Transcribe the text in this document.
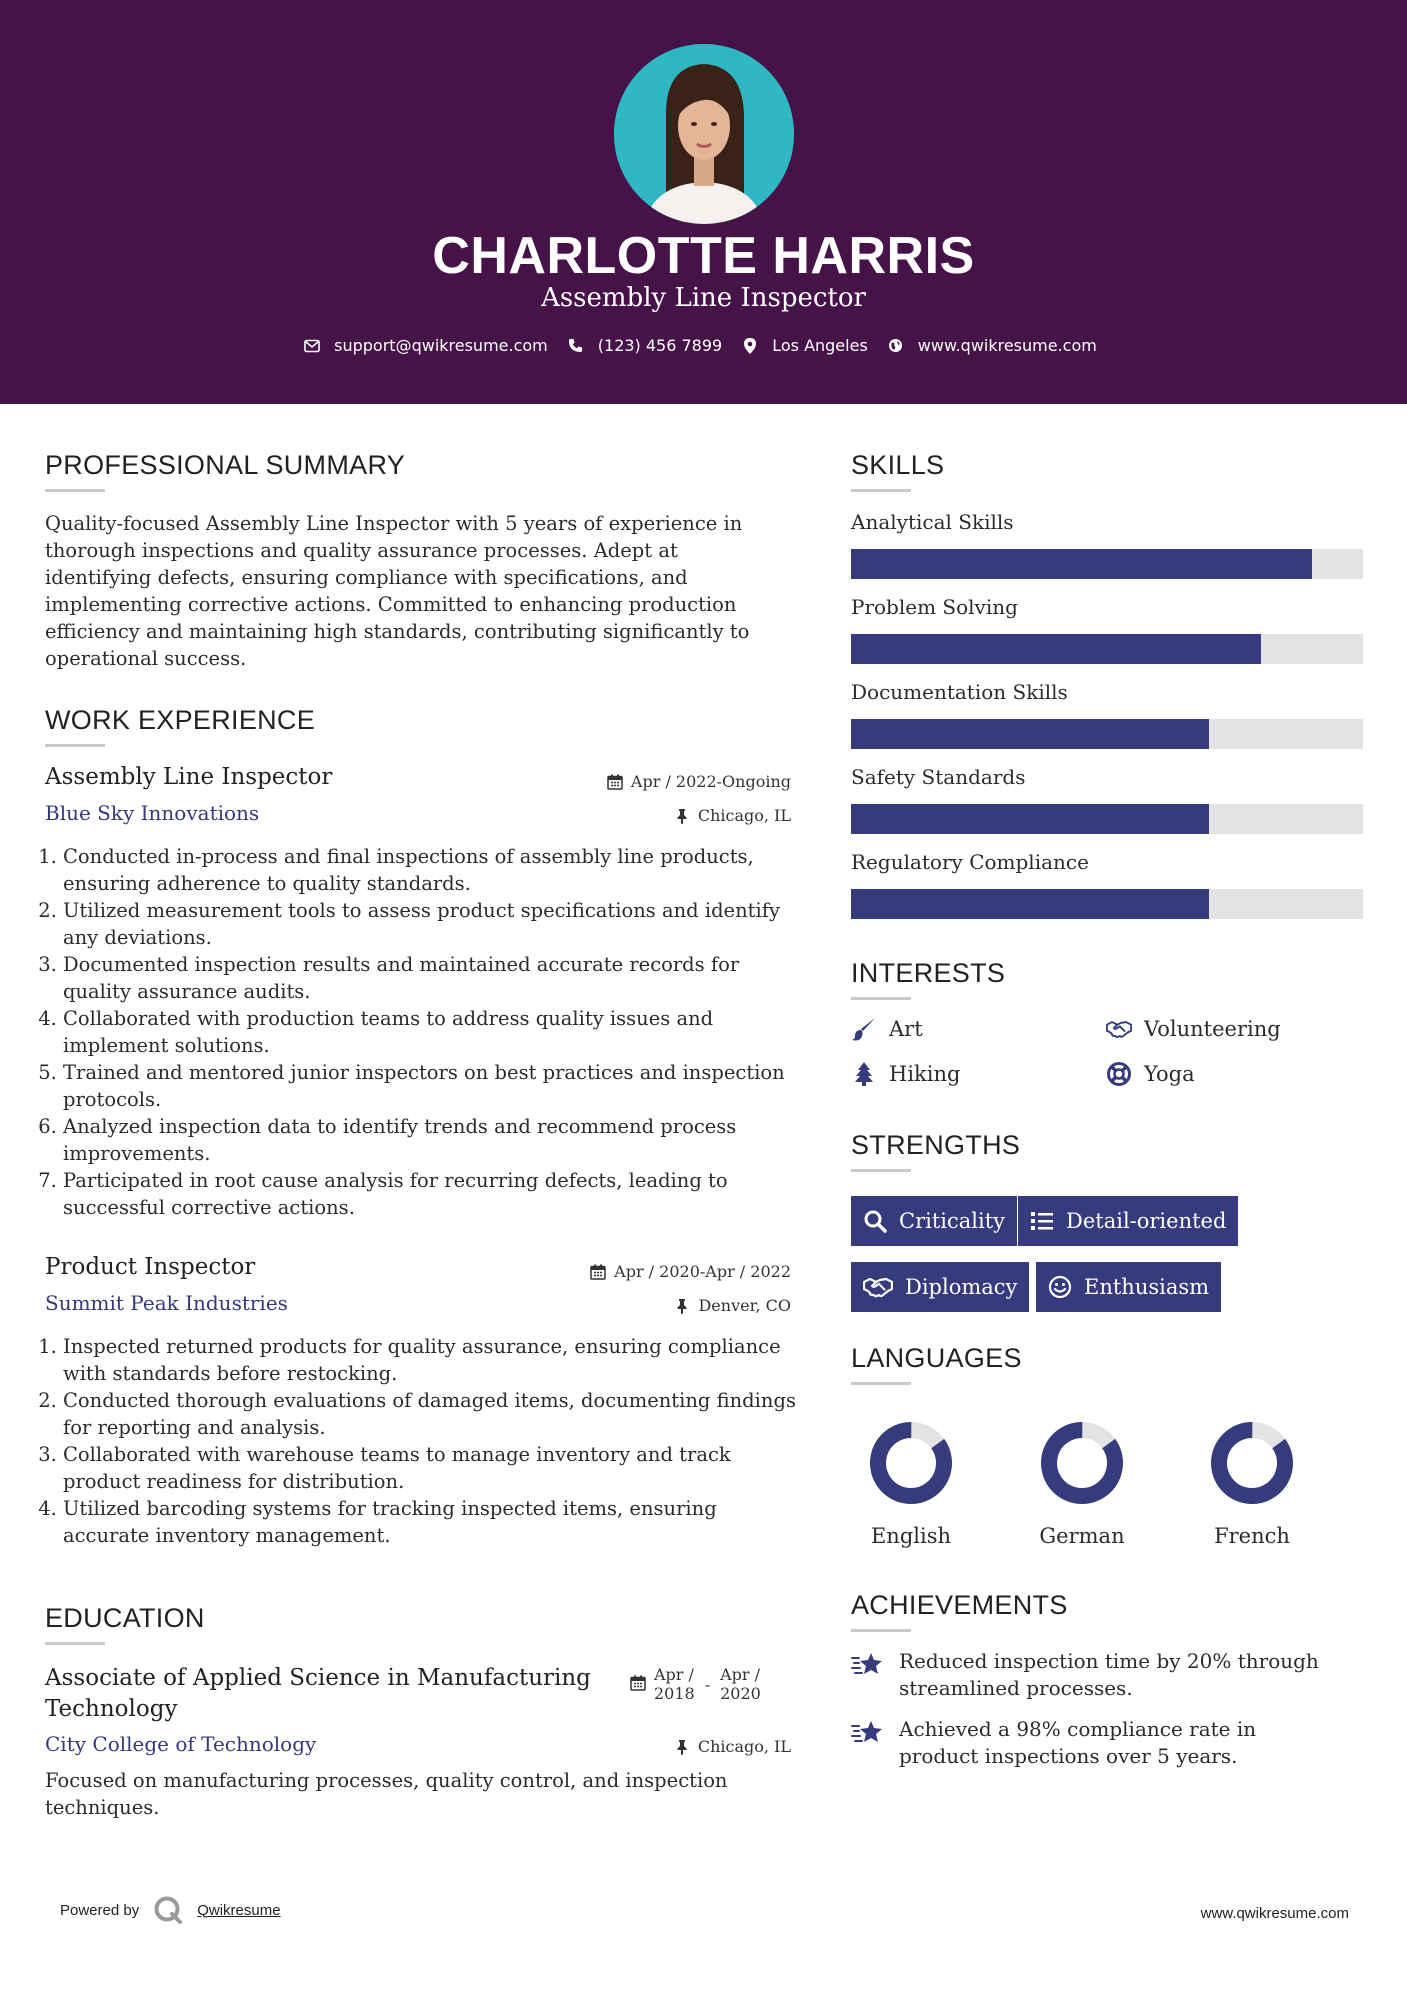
CHARLOTTE HARRIS
Assembly Line Inspector
support@qwikresume.com	(123) 456 7899	Los Angeles	www.qwikresume.com
PROFESSIONAL SUMMARY
Quality-focused Assembly Line Inspector with 5 years of experience in thorough inspections and quality assurance processes. Adept at identifying defects, ensuring compliance with specifications, and implementing corrective actions. Committed to enhancing production efficiency and maintaining high standards, contributing significantly to operational success.
WORK EXPERIENCE
Assembly Line Inspector	Apr / 2022-Ongoing
Blue Sky Innovations	Chicago, IL
1. Conducted in-process and final inspections of assembly line products, ensuring adherence to quality standards.
2. Utilized measurement tools to assess product specifications and identify any deviations.
3. Documented inspection results and maintained accurate records for quality assurance audits.
4. Collaborated with production teams to address quality issues and implement solutions.
5. Trained and mentored junior inspectors on best practices and inspection protocols.
6. Analyzed inspection data to identify trends and recommend process improvements.
7. Participated in root cause analysis for recurring defects, leading to successful corrective actions.
Product Inspector	Apr / 2020-Apr / 2022
Summit Peak Industries	Denver, CO
1. Inspected returned products for quality assurance, ensuring compliance with standards before restocking.
2. Conducted thorough evaluations of damaged items, documenting findings for reporting and analysis.
3. Collaborated with warehouse teams to manage inventory and track product readiness for distribution.
4. Utilized barcoding systems for tracking inspected items, ensuring accurate inventory management.
EDUCATION
Associate of Applied Science in Manufacturing Technology
Apr /
2018 -
Apr /
2020
City College of Technology	Chicago, IL
Focused on manufacturing processes, quality control, and inspection techniques.
SKILLS
Analytical Skills
Problem Solving
Documentation Skills
Safety Standards
Regulatory Compliance
INTERESTS
Art	Volunteering
Hiking	Yoga
STRENGTHS
Criticality	Detail-oriented
Diplomacy	Enthusiasm
LANGUAGES
English	German	French
ACHIEVEMENTS
Reduced inspection time by 20% through streamlined processes.
Achieved a 98% compliance rate in product inspections over 5 years.
Powered by	Qwikresume	www.qwikresume.com
